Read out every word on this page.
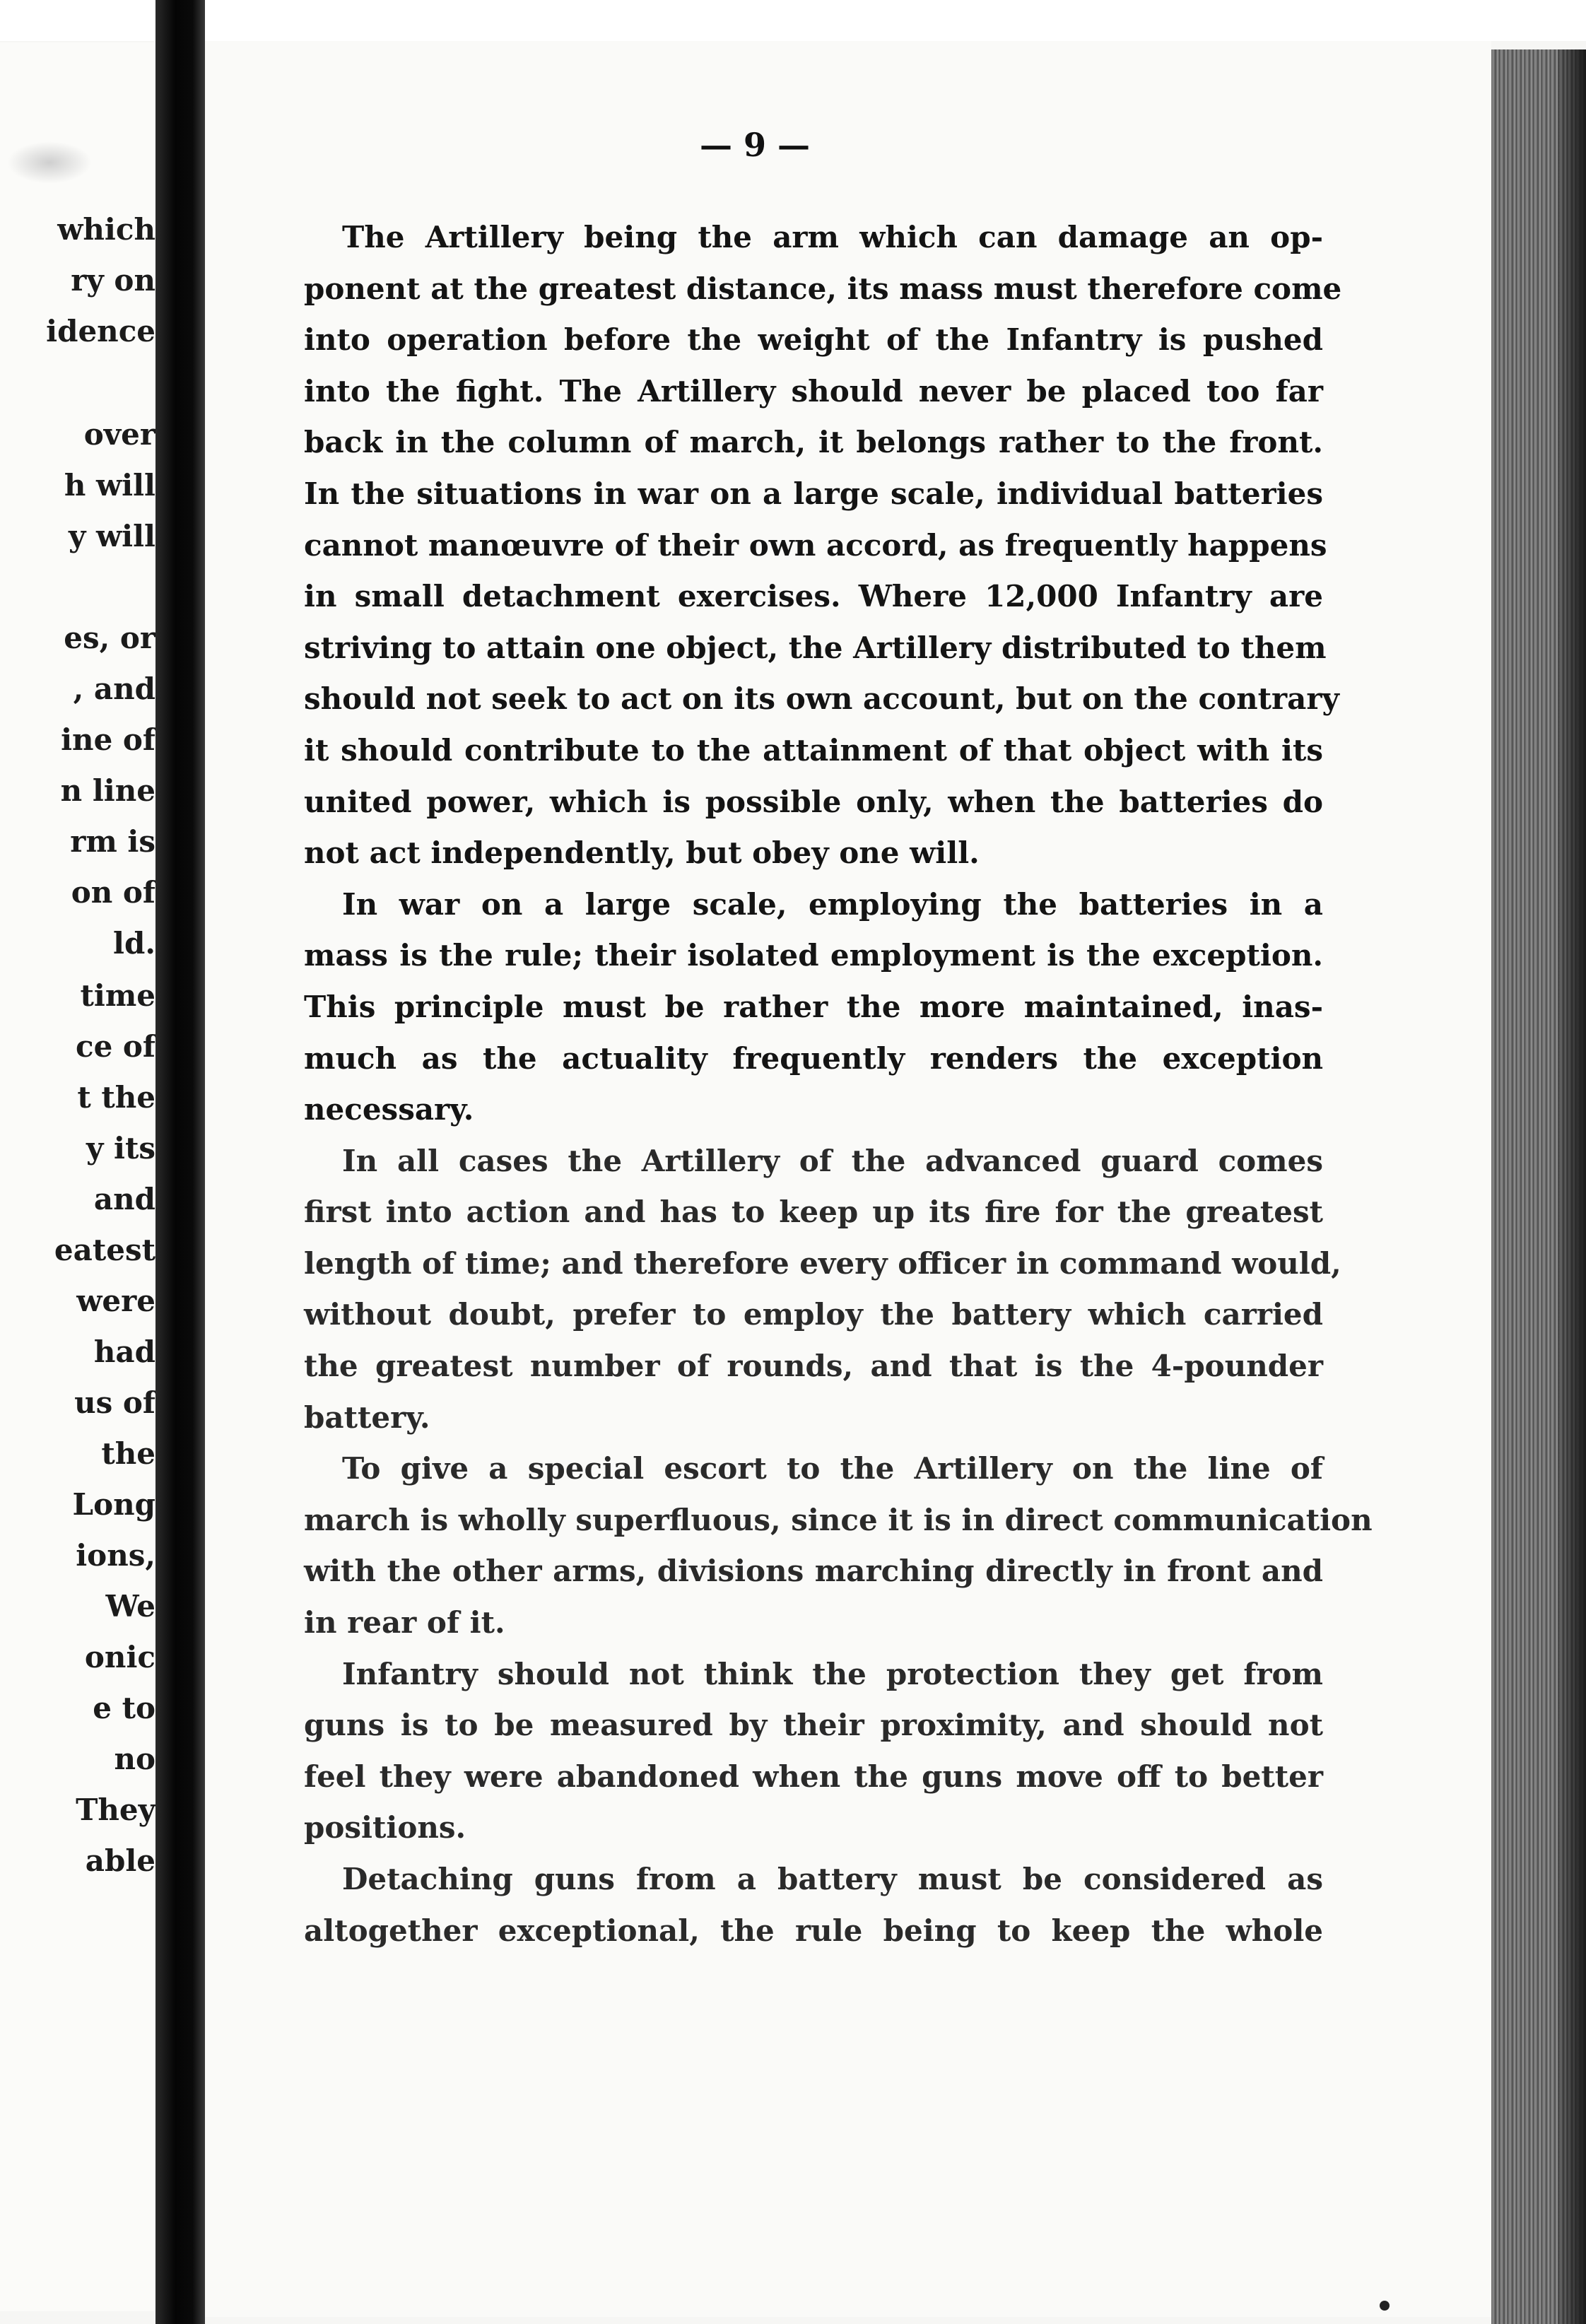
which
ry on
idence
over
h will
y will
es, or
, and
ine of
n line
rm is
on of
ld.
time
ce of
t the
y its
and
eatest
were
had
us of
the
Long
ions,
We
onic
e to
no
They
able
— 9 —
The Artillery being the arm which can damage an op-
ponent at the greatest distance, its mass must therefore come
into operation before the weight of the Infantry is pushed
into the fight. The Artillery should never be placed too far
back in the column of march, it belongs rather to the front.
In the situations in war on a large scale, individual batteries
cannot manœuvre of their own accord, as frequently happens
in small detachment exercises. Where 12,000 Infantry are
striving to attain one object, the Artillery distributed to them
should not seek to act on its own account, but on the contrary
it should contribute to the attainment of that object with its
united power, which is possible only, when the batteries do
not act independently, but obey one will.
In war on a large scale, employing the batteries in a
mass is the rule; their isolated employment is the exception.
This principle must be rather the more maintained, inas-
much as the actuality frequently renders the exception
necessary.
In all cases the Artillery of the advanced guard comes
first into action and has to keep up its fire for the greatest
length of time; and therefore every officer in command would,
without doubt, prefer to employ the battery which carried
the greatest number of rounds, and that is the 4-pounder
battery.
To give a special escort to the Artillery on the line of
march is wholly superfluous, since it is in direct communication
with the other arms, divisions marching directly in front and
in rear of it.
Infantry should not think the protection they get from
guns is to be measured by their proximity, and should not
feel they were abandoned when the guns move off to better
positions.
Detaching guns from a battery must be considered as
altogether exceptional, the rule being to keep the whole
